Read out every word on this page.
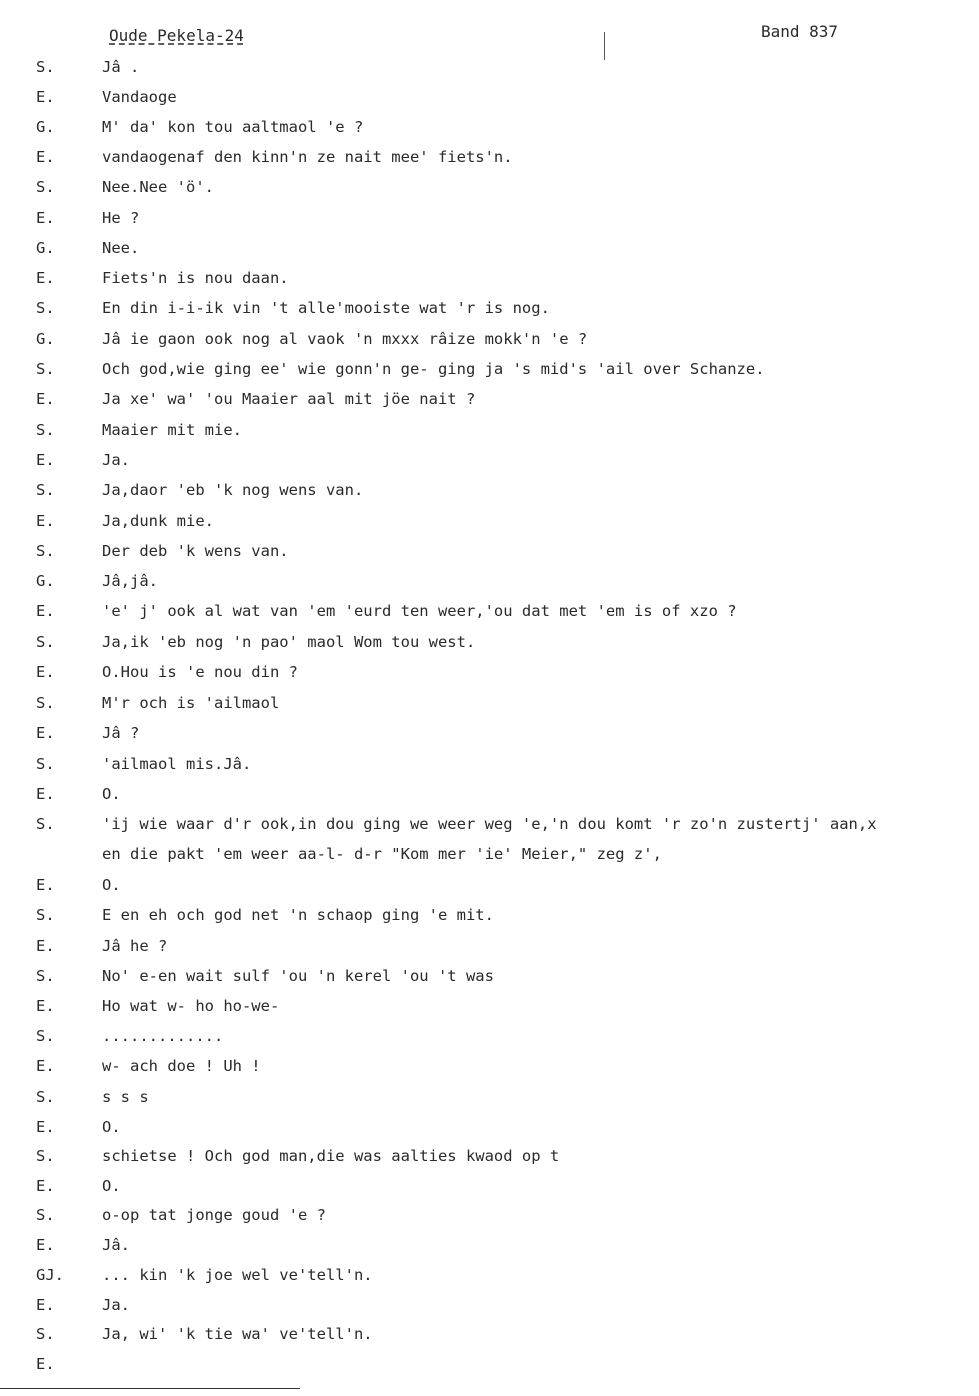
Oude Pekela-24	Band 837
S.	Jâ .
E.	Vandaoge
G.	M' da' kon tou aaltmaol 'e ?
E.	vandaogenaf den kinn'n ze nait mee' fiets'n.
S.	Nee.Nee 'ö'.
E.	He ?
G.	Nee.
E.	Fiets'n is nou daan.
S.	En din i-i-ik vin 't alle'mooiste wat 'r is nog.
G.	Jâ ie gaon ook nog al vaok 'n mxxx râize mokk'n 'e ?
S.	Och god,wie ging ee' wie gonn'n ge- ging ja 's mid's 'ail over Schanze.
E.	Ja xe' wa' 'ou Maaier aal mit jöe nait ?
S.	Maaier mit mie.
E.	Ja.
S.	Ja,daor 'eb 'k nog wens van.
E.	Ja,dunk mie.
S.	Der deb 'k wens van.
G.	Jâ,jâ.
E.	'e' j' ook al wat van 'em 'eurd ten weer,'ou dat met 'em is of xzo ?
S.	Ja,ik 'eb nog 'n pao' maol Wom tou west.
E.	O.Hou is 'e nou din ?
S.	M'r och is 'ailmaol
E.	Jâ ?
S.	'ailmaol mis.Jâ.
E.	O.
S.	'ij wie waar d'r ook,in dou ging we weer weg 'e,'n dou komt 'r zo'n zustertj' aan,x
en die pakt 'em weer aa-l- d-r "Kom mer 'ie' Meier," zeg z',
E.	O.
S.	E en eh och god net 'n schaop ging 'e mit.
E.	Jâ he ?
S.	No' e-en wait sulf 'ou 'n kerel 'ou 't was
E.	Ho wat w- ho ho-we-
S.	.............
E.	w- ach doe ! Uh !
S.	s s s
E.	O.
S.	schietse ! Och god man,die was aalties kwaod op t
E.	O.
S.	o-op tat jonge goud 'e ?
E.	Jâ.
GJ. ... kin 'k joe wel ve'tell'n.
E.	Ja.
S.	Ja, wi' 'k tie wa' ve'tell'n.
E.
